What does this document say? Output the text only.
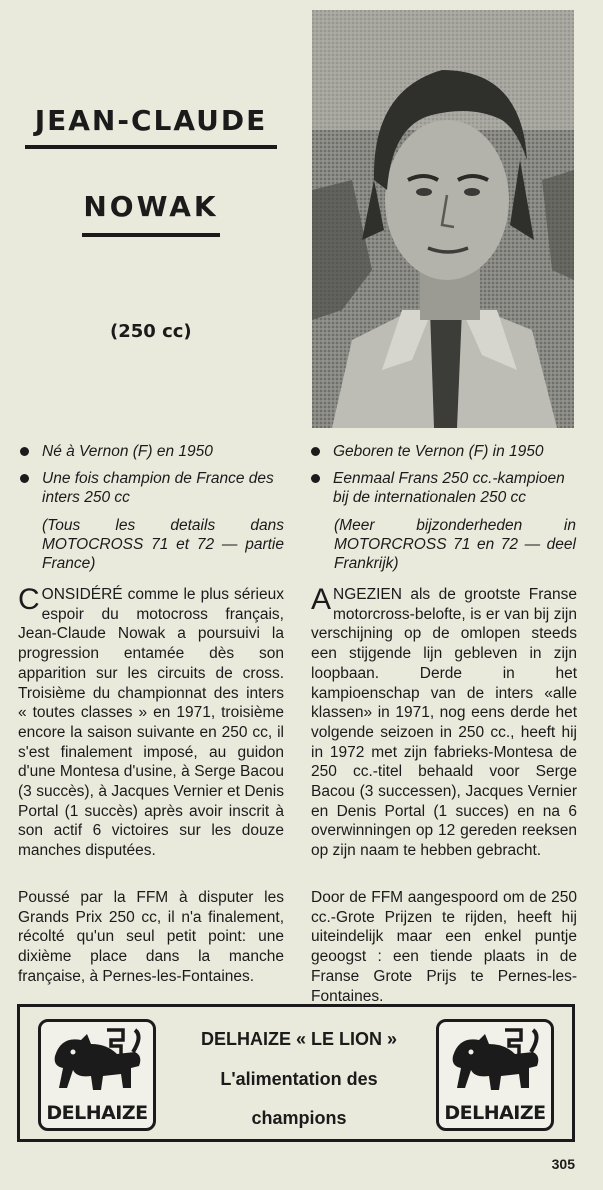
JEAN-CLAUDE
NOWAK
(250 cc)
Né à Vernon (F) en 1950
Une fois champion de France des inters 250 cc
Geboren te Vernon (F) in 1950
Eenmaal Frans 250 cc.-kampioen bij de internationalen 250 cc
(Tous les details dans MOTOCROSS 71 et 72 — partie France)
(Meer bijzonderheden in MOTORCROSS 71 en 72 — deel Frankrijk)

CONSIDÉRÉ comme le plus sérieux espoir du motocross français, Jean-Claude Nowak a poursuivi la progression entamée dès son apparition sur les circuits de cross. Troisième du championnat des inters « toutes classes » en 1971, troisième encore la saison suivante en 250 cc, il s'est finalement imposé, au guidon d'une Montesa d'usine, à Serge Bacou (3 succès), à Jacques Vernier et Denis Portal (1 succès) après avoir inscrit à son actif 6 victoires sur les douze manches disputées.

ANGEZIEN als de grootste Franse motorcross-belofte, is er van bij zijn verschijning op de omlopen steeds een stijgende lijn gebleven in zijn loopbaan. Derde in het kampioenschap van de inters «alle klassen» in 1971, nog eens derde het volgende seizoen in 250 cc., heeft hij in 1972 met zijn fabrieks-Montesa de 250 cc.-titel behaald voor Serge Bacou (3 successen), Jacques Vernier en Denis Portal (1 succes) en na 6 overwinningen op 12 gereden reeksen op zijn naam te hebben gebracht.

Poussé par la FFM à disputer les Grands Prix 250 cc, il n'a finalement, récolté qu'un seul petit point: une dixième place dans la manche française, à Pernes-les-Fontaines.

Door de FFM aangespoord om de 250 cc.-Grote Prijzen te rijden, heeft hij uiteindelijk maar een enkel puntje geoogst : een tiende plaats in de Franse Grote Prijs te Pernes-les-Fontaines.

DELHAIZE

DELHAIZE « LE LION »

L'alimentation des

champions	DELHAIZE
305
